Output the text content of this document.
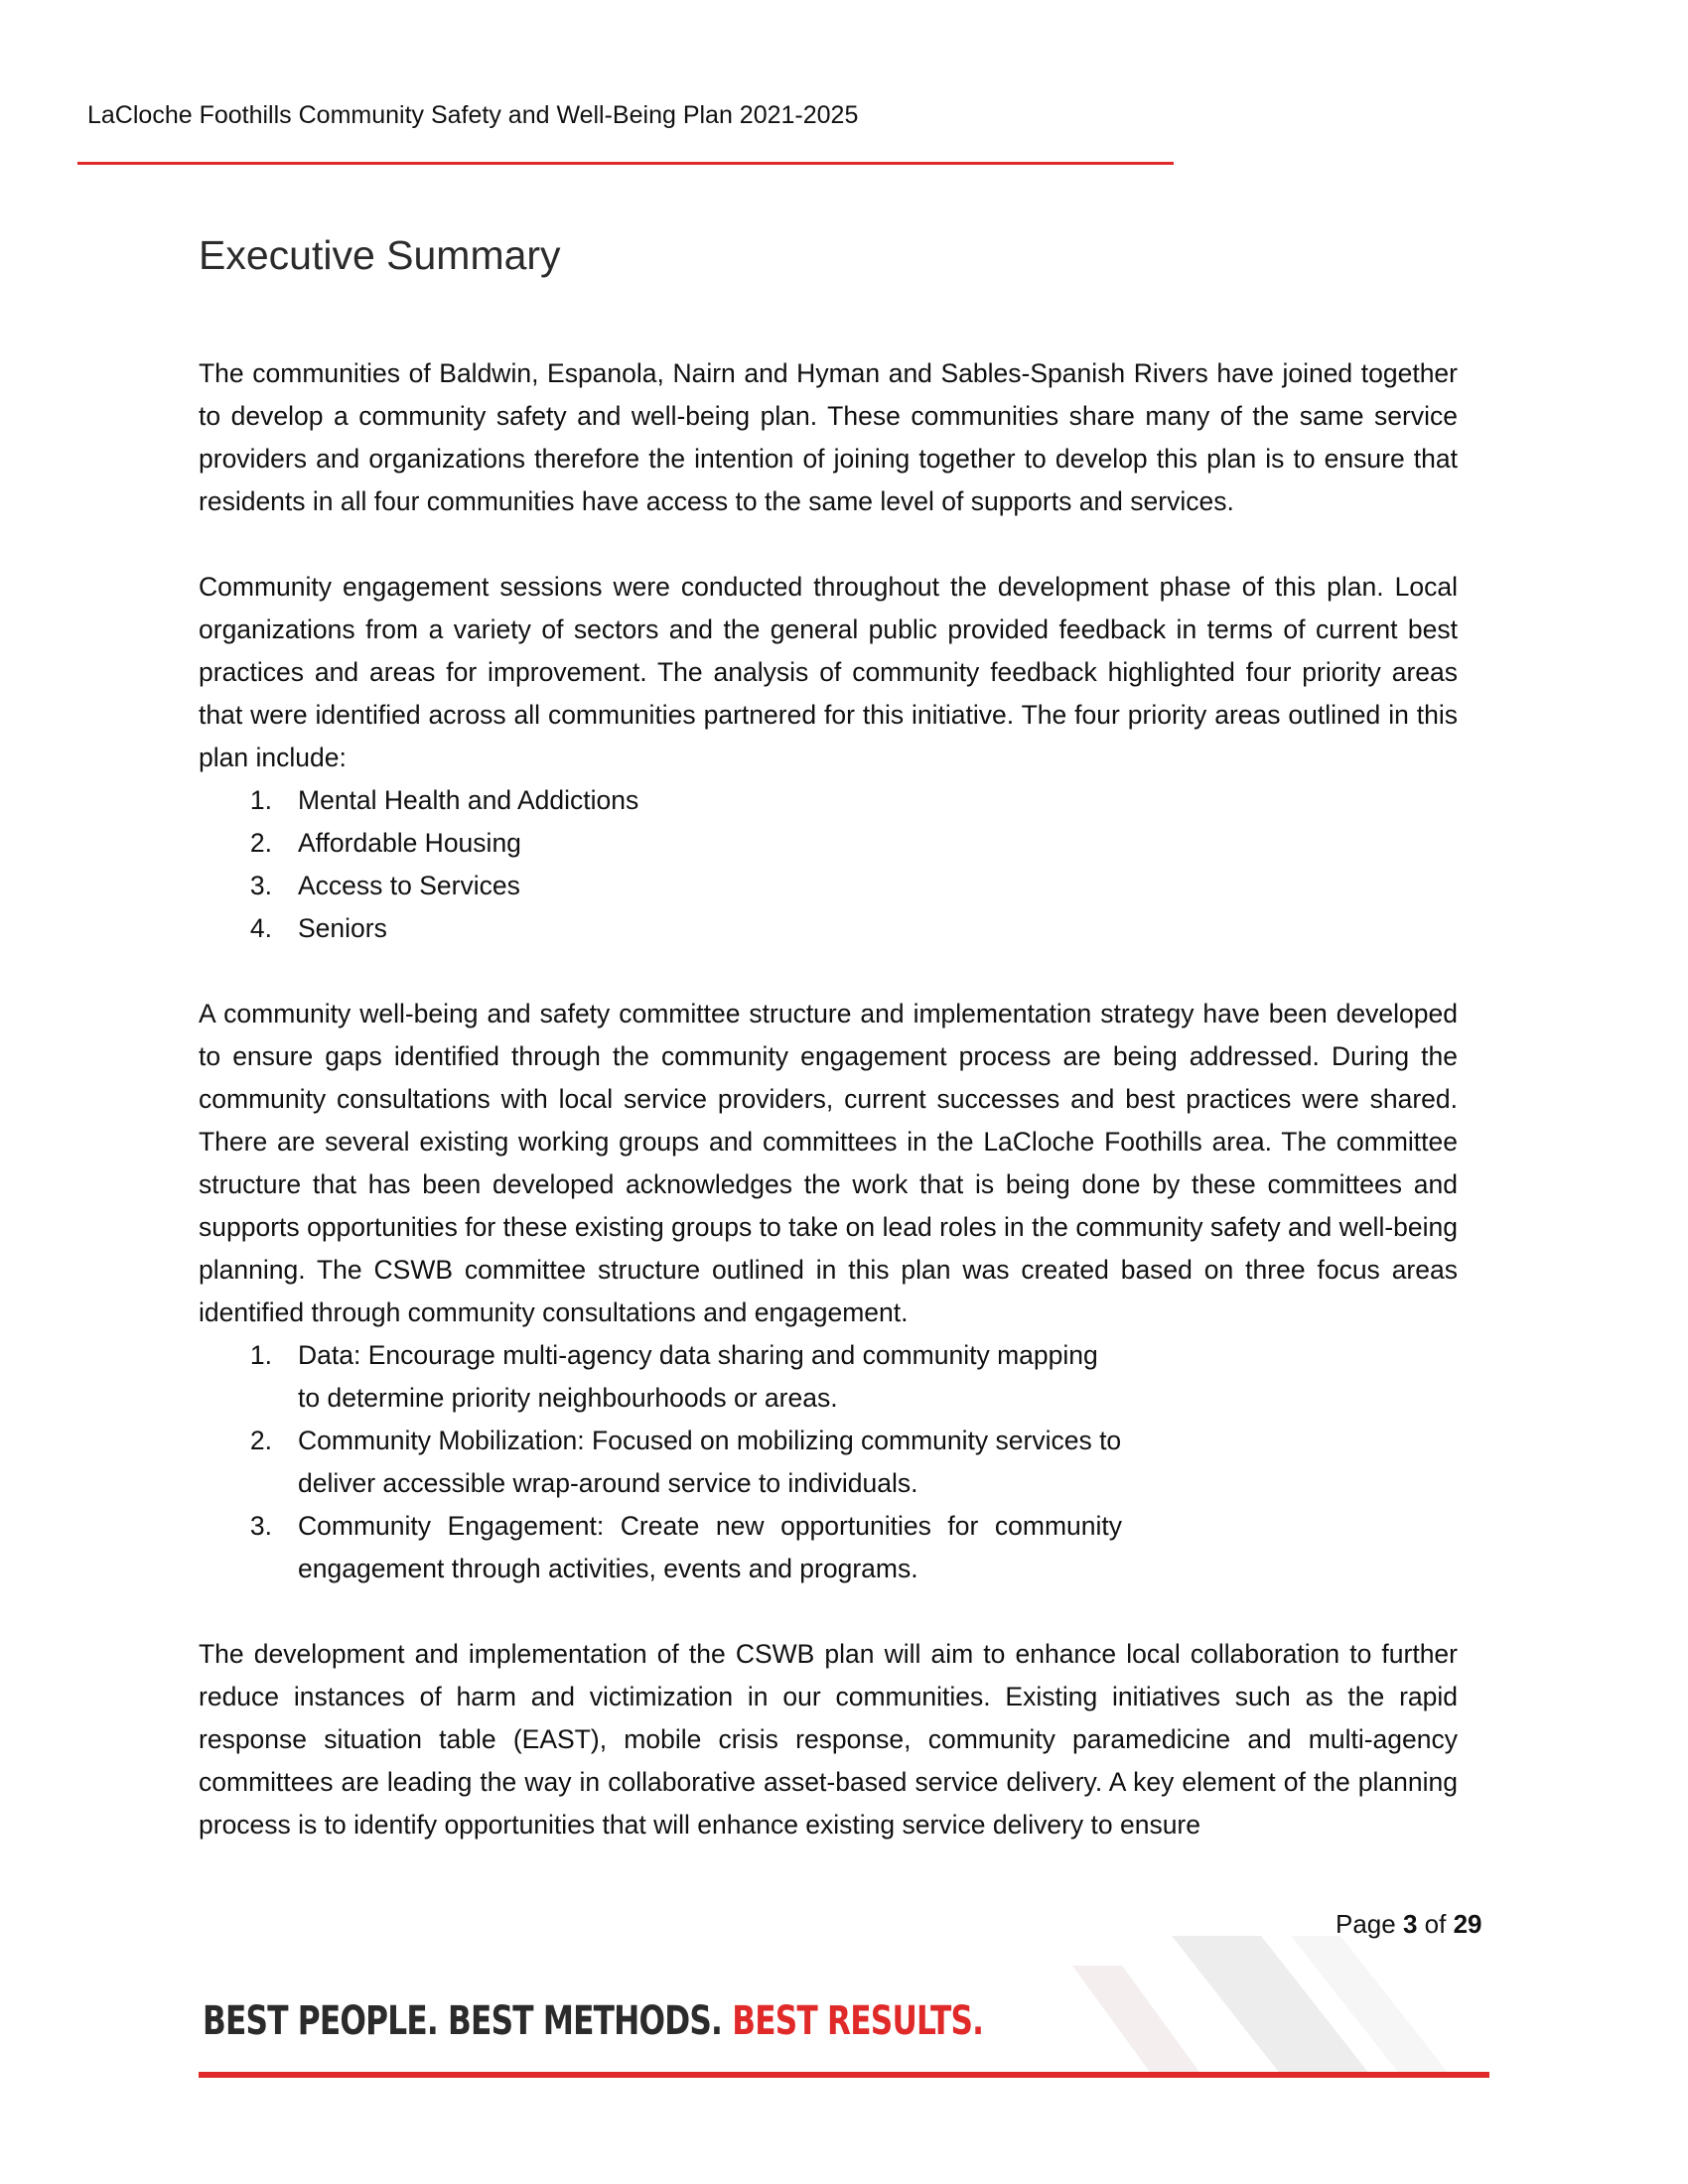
LaCloche Foothills Community Safety and Well-Being Plan 2021-2025
Executive Summary

The communities of Baldwin, Espanola, Nairn and Hyman and Sables-Spanish Rivers have joined together to develop a community safety and well-being plan. These communities share many of the same service providers and organizations therefore the intention of joining together to develop this plan is to ensure that residents in all four communities have access to the same level of supports and services.

Community engagement sessions were conducted throughout the development phase of this plan. Local organizations from a variety of sectors and the general public provided feedback in terms of current best practices and areas for improvement. The analysis of community feedback highlighted four priority areas that were identified across all communities partnered for this initiative. The four priority areas outlined in this plan include:

1. Mental Health and Addictions
2. Affordable Housing
3. Access to Services
4. Seniors

A community well-being and safety committee structure and implementation strategy have been developed to ensure gaps identified through the community engagement process are being addressed. During the community consultations with local service providers, current successes and best practices were shared. There are several existing working groups and committees in the LaCloche Foothills area. The committee structure that has been developed acknowledges the work that is being done by these committees and supports opportunities for these existing groups to take on lead roles in the community safety and well-being planning. The CSWB committee structure outlined in this plan was created based on three focus areas identified through community consultations and engagement.

1. Data: Encourage multi-agency data sharing and community mapping to determine priority neighbourhoods or areas.
2. Community Mobilization: Focused on mobilizing community services to deliver accessible wrap-around service to individuals.
3. Community Engagement: Create new opportunities for community engagement through activities, events and programs.

The development and implementation of the CSWB plan will aim to enhance local collaboration to further reduce instances of harm and victimization in our communities. Existing initiatives such as the rapid response situation table (EAST), mobile crisis response, community paramedicine and multi-agency committees are leading the way in collaborative asset-based service delivery. A key element of the planning process is to identify opportunities that will enhance existing service delivery to ensure

Page 3 of 29
BEST PEOPLE. BEST METHODS. BEST RESULTS.
